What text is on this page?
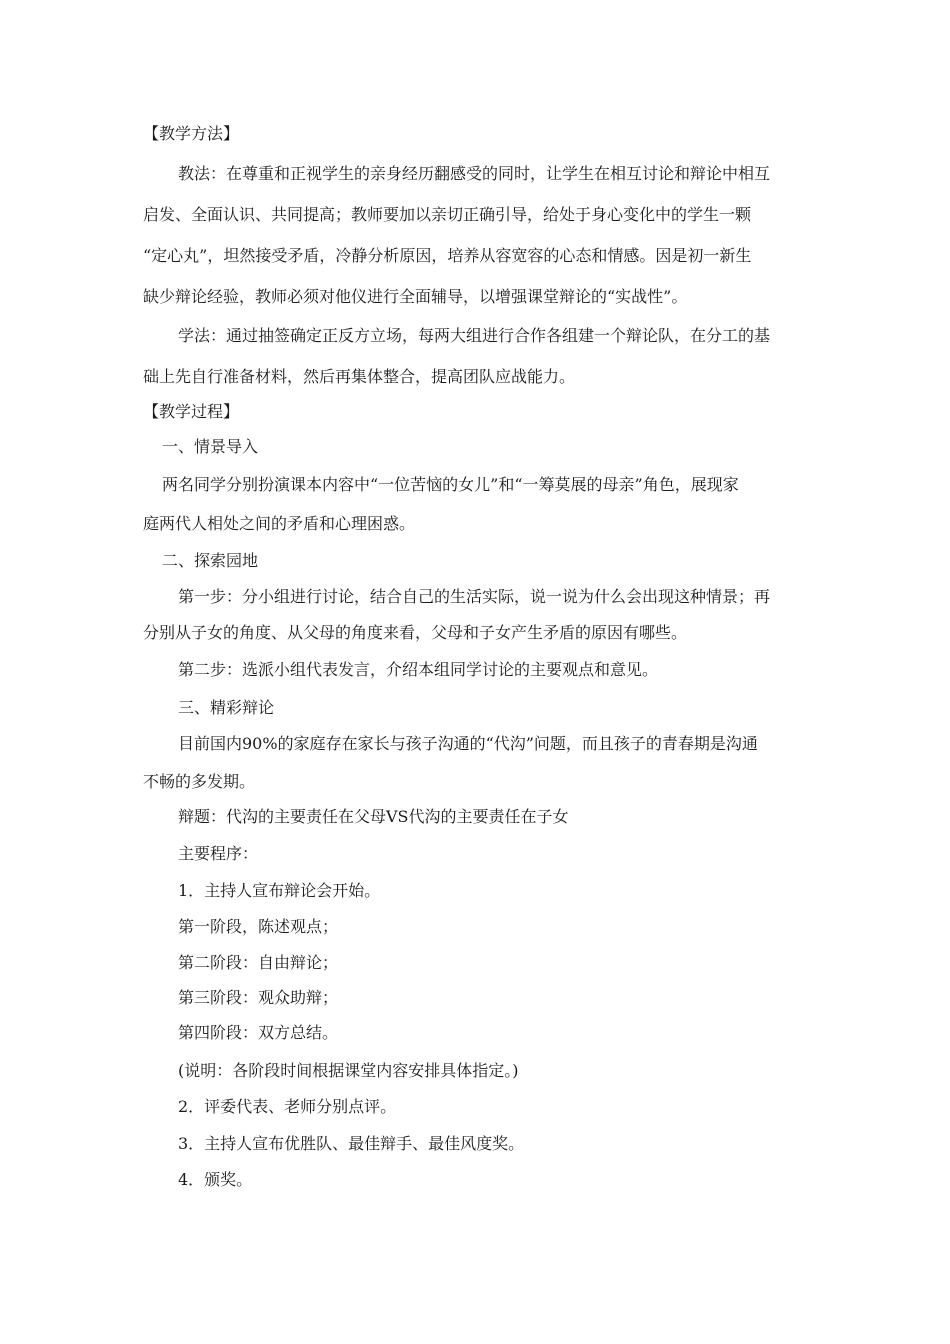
【教学方法】
教法：在尊重和正视学生的亲身经历翻感受的同时，让学生在相互讨论和辩论中相互
启发、全面认识、共同提高；教师要加以亲切正确引导，给处于身心变化中的学生一颗
“定心丸”，坦然接受矛盾，冷静分析原因，培养从容宽容的心态和情感。因是初一新生
缺少辩论经验，教师必须对他仪进行全面辅导，以增强课堂辩论的“实战性”。
学法：通过抽签确定正反方立场，每两大组进行合作各组建一个辩论队，在分工的基
础上先自行准备材料，然后再集体整合，提高团队应战能力。
【教学过程】
一、情景导入
两名同学分别扮演课本内容中“一位苦恼的女儿”和“一筹莫展的母亲”角色，展现家
庭两代人相处之间的矛盾和心理困惑。
二、探索园地
第一步：分小组进行讨论，结合自己的生活实际，说一说为什么会出现这种情景；再
分别从子女的角度、从父母的角度来看，父母和子女产生矛盾的原因有哪些。
第二步：选派小组代表发言，介绍本组同学讨论的主要观点和意见。
三、精彩辩论
目前国内90%的家庭存在家长与孩子沟通的“代沟”问题，而且孩子的青春期是沟通
不畅的多发期。
辩题：代沟的主要责任在父母VS代沟的主要责任在子女
主要程序：
1．主持人宣布辩论会开始。
第一阶段，陈述观点；
第二阶段：自由辩论；
第三阶段：观众助辩；
第四阶段：双方总结。
(说明：各阶段时间根据课堂内容安排具体指定。)
2．评委代表、老师分别点评。
3．主持人宣布优胜队、最佳辩手、最佳风度奖。
4．颁奖。
